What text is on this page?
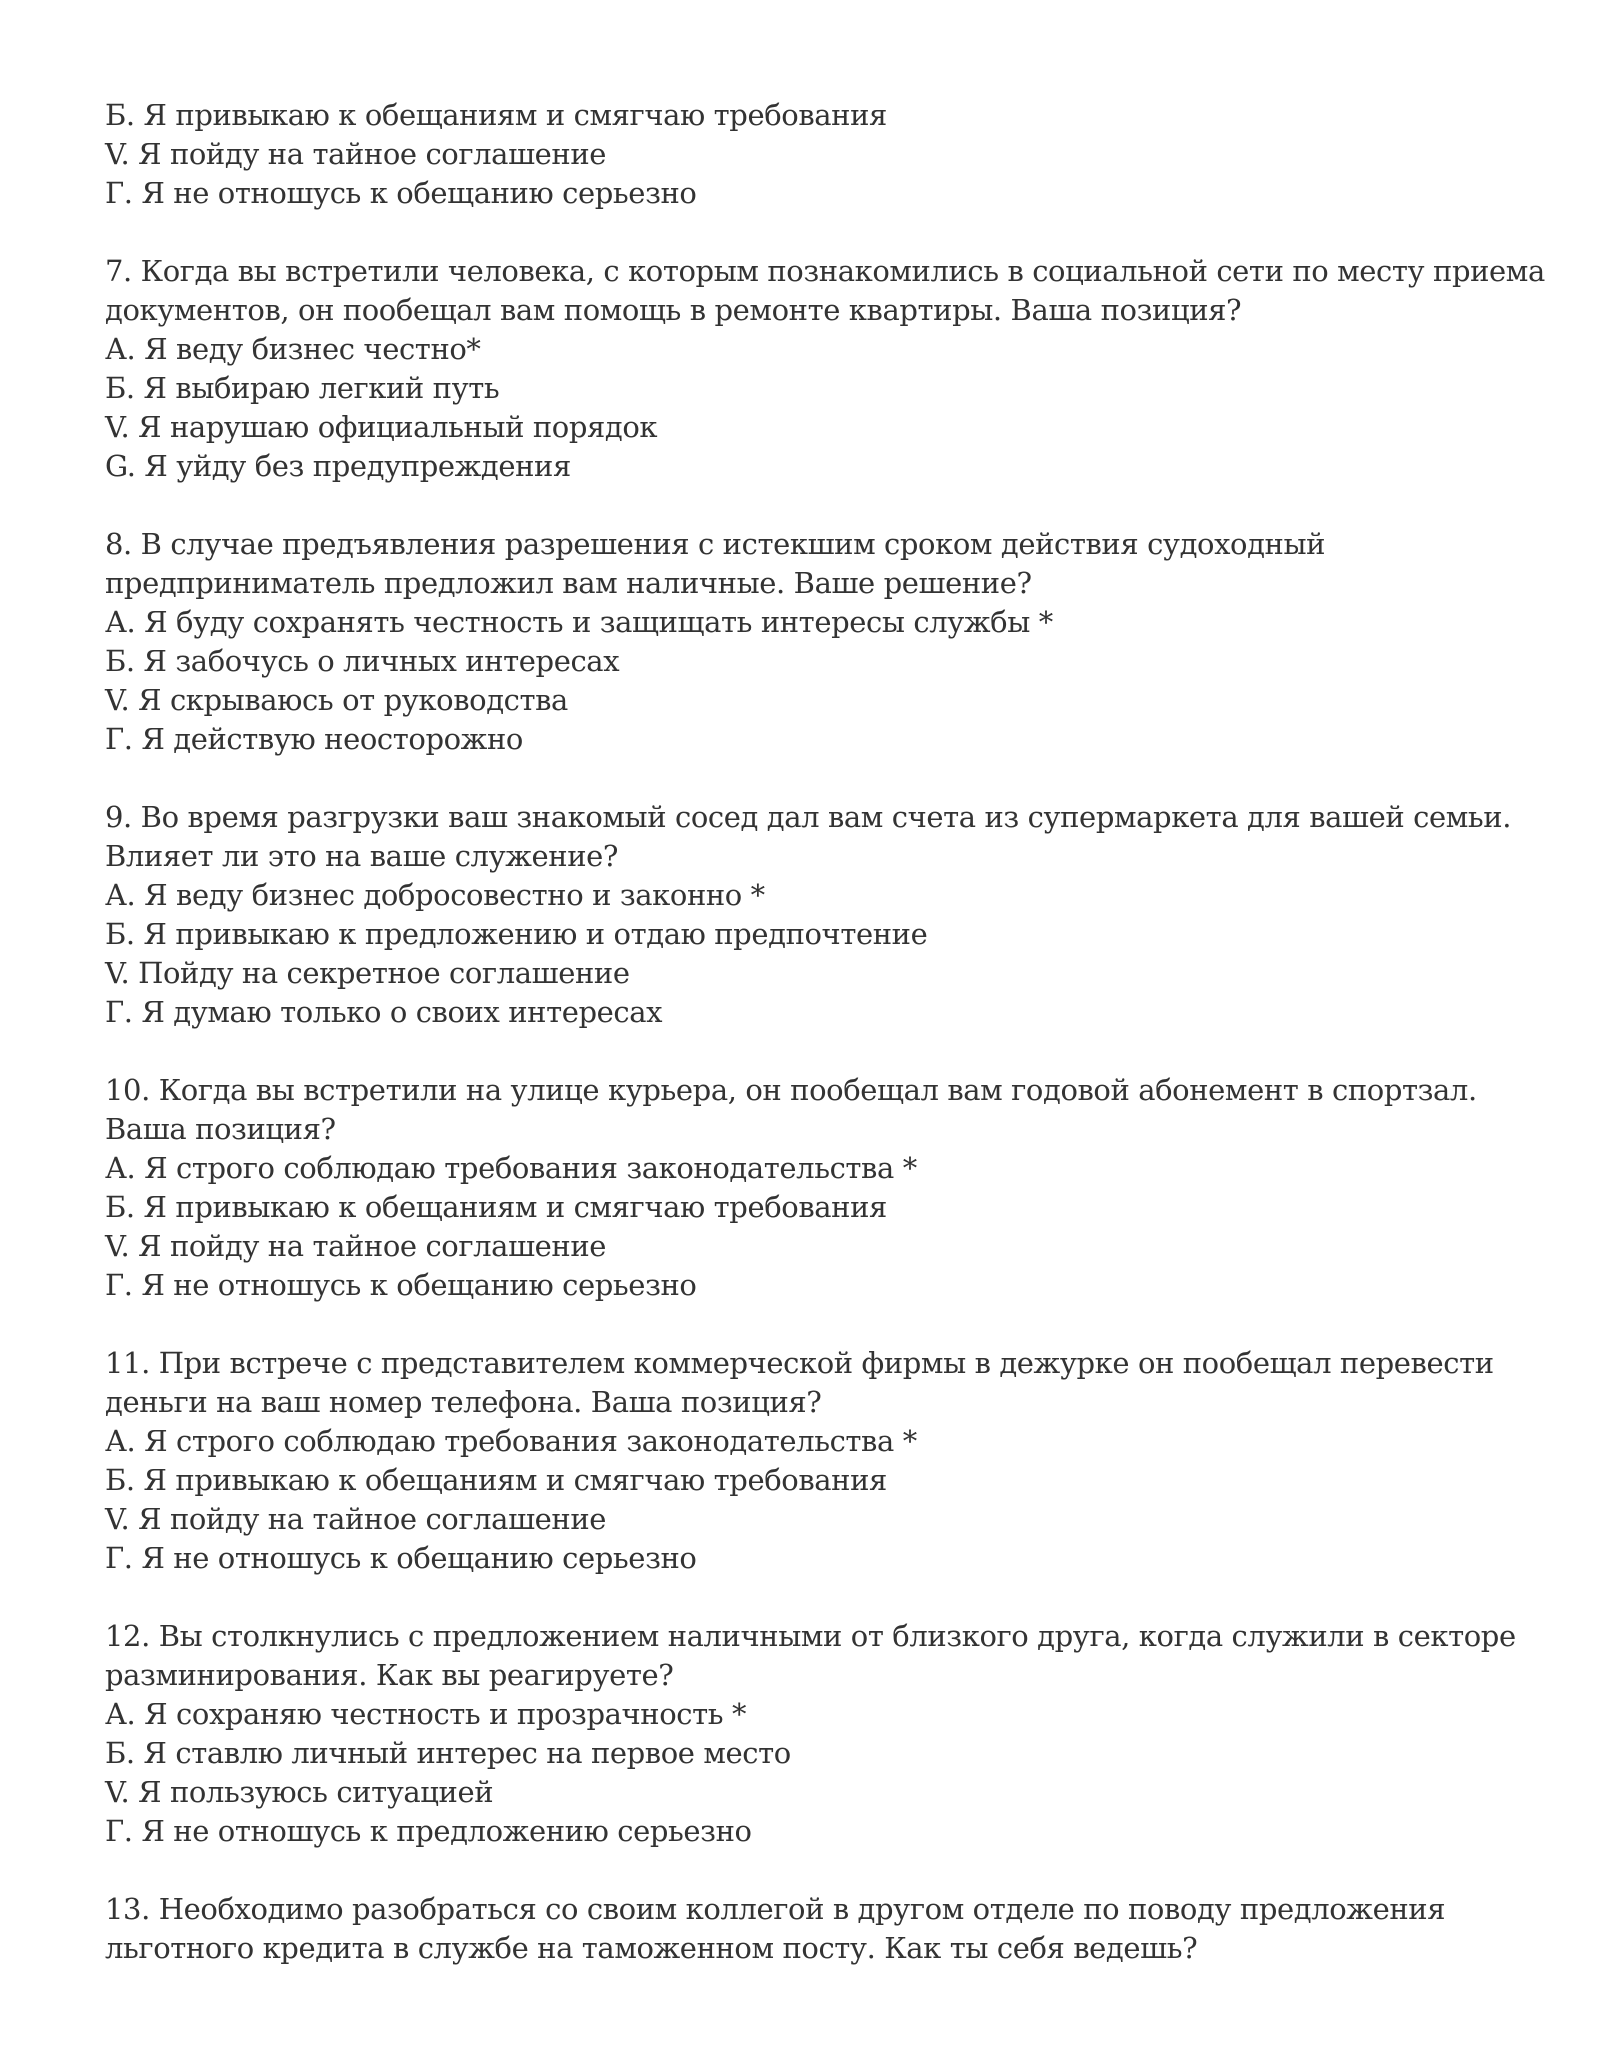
Б. Я привыкаю к обещаниям и смягчаю требования
V. Я пойду на тайное соглашение
Г. Я не отношусь к обещанию серьезно
7. Когда вы встретили человека, с которым познакомились в социальной сети по месту приема
документов, он пообещал вам помощь в ремонте квартиры. Ваша позиция?
А. Я веду бизнес честно*
Б. Я выбираю легкий путь
V. Я нарушаю официальный порядок
G. Я уйду без предупреждения
8. В случае предъявления разрешения с истекшим сроком действия судоходный
предприниматель предложил вам наличные. Ваше решение?
А. Я буду сохранять честность и защищать интересы службы *
Б. Я забочусь о личных интересах
V. Я скрываюсь от руководства
Г. Я действую неосторожно
9. Во время разгрузки ваш знакомый сосед дал вам счета из супермаркета для вашей семьи.
Влияет ли это на ваше служение?
А. Я веду бизнес добросовестно и законно *
Б. Я привыкаю к предложению и отдаю предпочтение
V. Пойду на секретное соглашение
Г. Я думаю только о своих интересах
10. Когда вы встретили на улице курьера, он пообещал вам годовой абонемент в спортзал.
Ваша позиция?
А. Я строго соблюдаю требования законодательства *
Б. Я привыкаю к обещаниям и смягчаю требования
V. Я пойду на тайное соглашение
Г. Я не отношусь к обещанию серьезно
11. При встрече с представителем коммерческой фирмы в дежурке он пообещал перевести
деньги на ваш номер телефона. Ваша позиция?
А. Я строго соблюдаю требования законодательства *
Б. Я привыкаю к обещаниям и смягчаю требования
V. Я пойду на тайное соглашение
Г. Я не отношусь к обещанию серьезно
12. Вы столкнулись с предложением наличными от близкого друга, когда служили в секторе
разминирования. Как вы реагируете?
А. Я сохраняю честность и прозрачность *
Б. Я ставлю личный интерес на первое место
V. Я пользуюсь ситуацией
Г. Я не отношусь к предложению серьезно
13. Необходимо разобраться со своим коллегой в другом отделе по поводу предложения
льготного кредита в службе на таможенном посту. Как ты себя ведешь?
